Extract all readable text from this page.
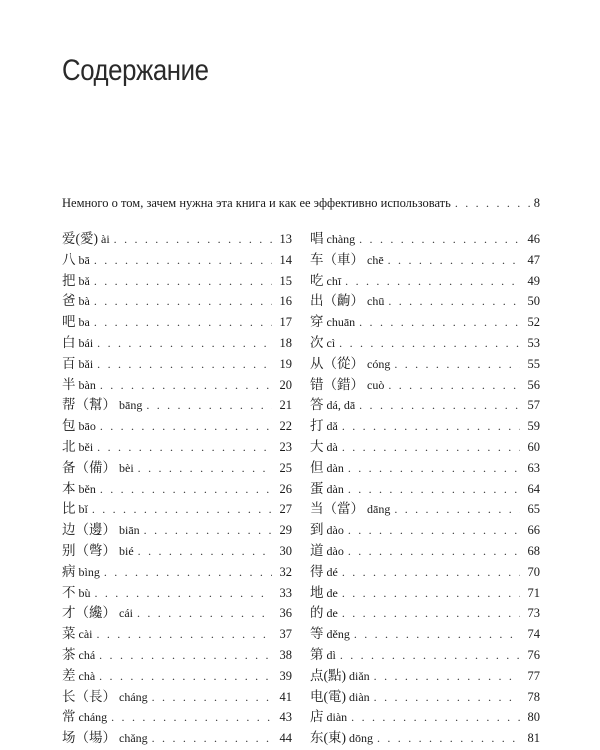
Содержание
Немного о том, зачем нужна эта книга и как ее эффективно использовать . . .	8
爱(愛) ài . . .	13
八 bā . . .	14
把 bǎ . . .	15
爸 bà . . .	16
吧 ba . . .	17
白 bái . . .	18
百 bǎi . . .	19
半 bàn . . .	20
帮（幫） bāng . . .	21
包 bāo . . .	22
北 běi . . .	23
备（備） bèi . . .	25
本 běn . . .	26
比 bǐ . . .	27
边（邊） biān . . .	29
别（彆） bié . . .	30
病 bìng . . .	32
不 bù . . .	33
才（纔） cái . . .	36
菜 cài . . .	37
茶 chá . . .	38
差 chà . . .	39
长（長） cháng . . .	41
常 cháng . . .	43
场（場） chǎng . . .	44
唱 chàng . . .	46
车（車） chē . . .	47
吃 chī . . .	49
出（齣） chū . . .	50
穿 chuān . . .	52
次 cì . . .	53
从（從） cóng . . .	55
错（錯） cuò . . .	56
答 dá, dā . . .	57
打 dǎ . . .	59
大 dà . . .	60
但 dàn . . .	63
蛋 dàn . . .	64
当（當） dāng . . .	65
到 dào . . .	66
道 dào . . .	68
得 dé . . .	70
地 de . . .	71
的 de . . .	73
等 děng . . .	74
第 dì . . .	76
点(點) diǎn . . .	77
电(電) diàn . . .	78
店 diàn . . .	80
东(東) dōng . . .	81
